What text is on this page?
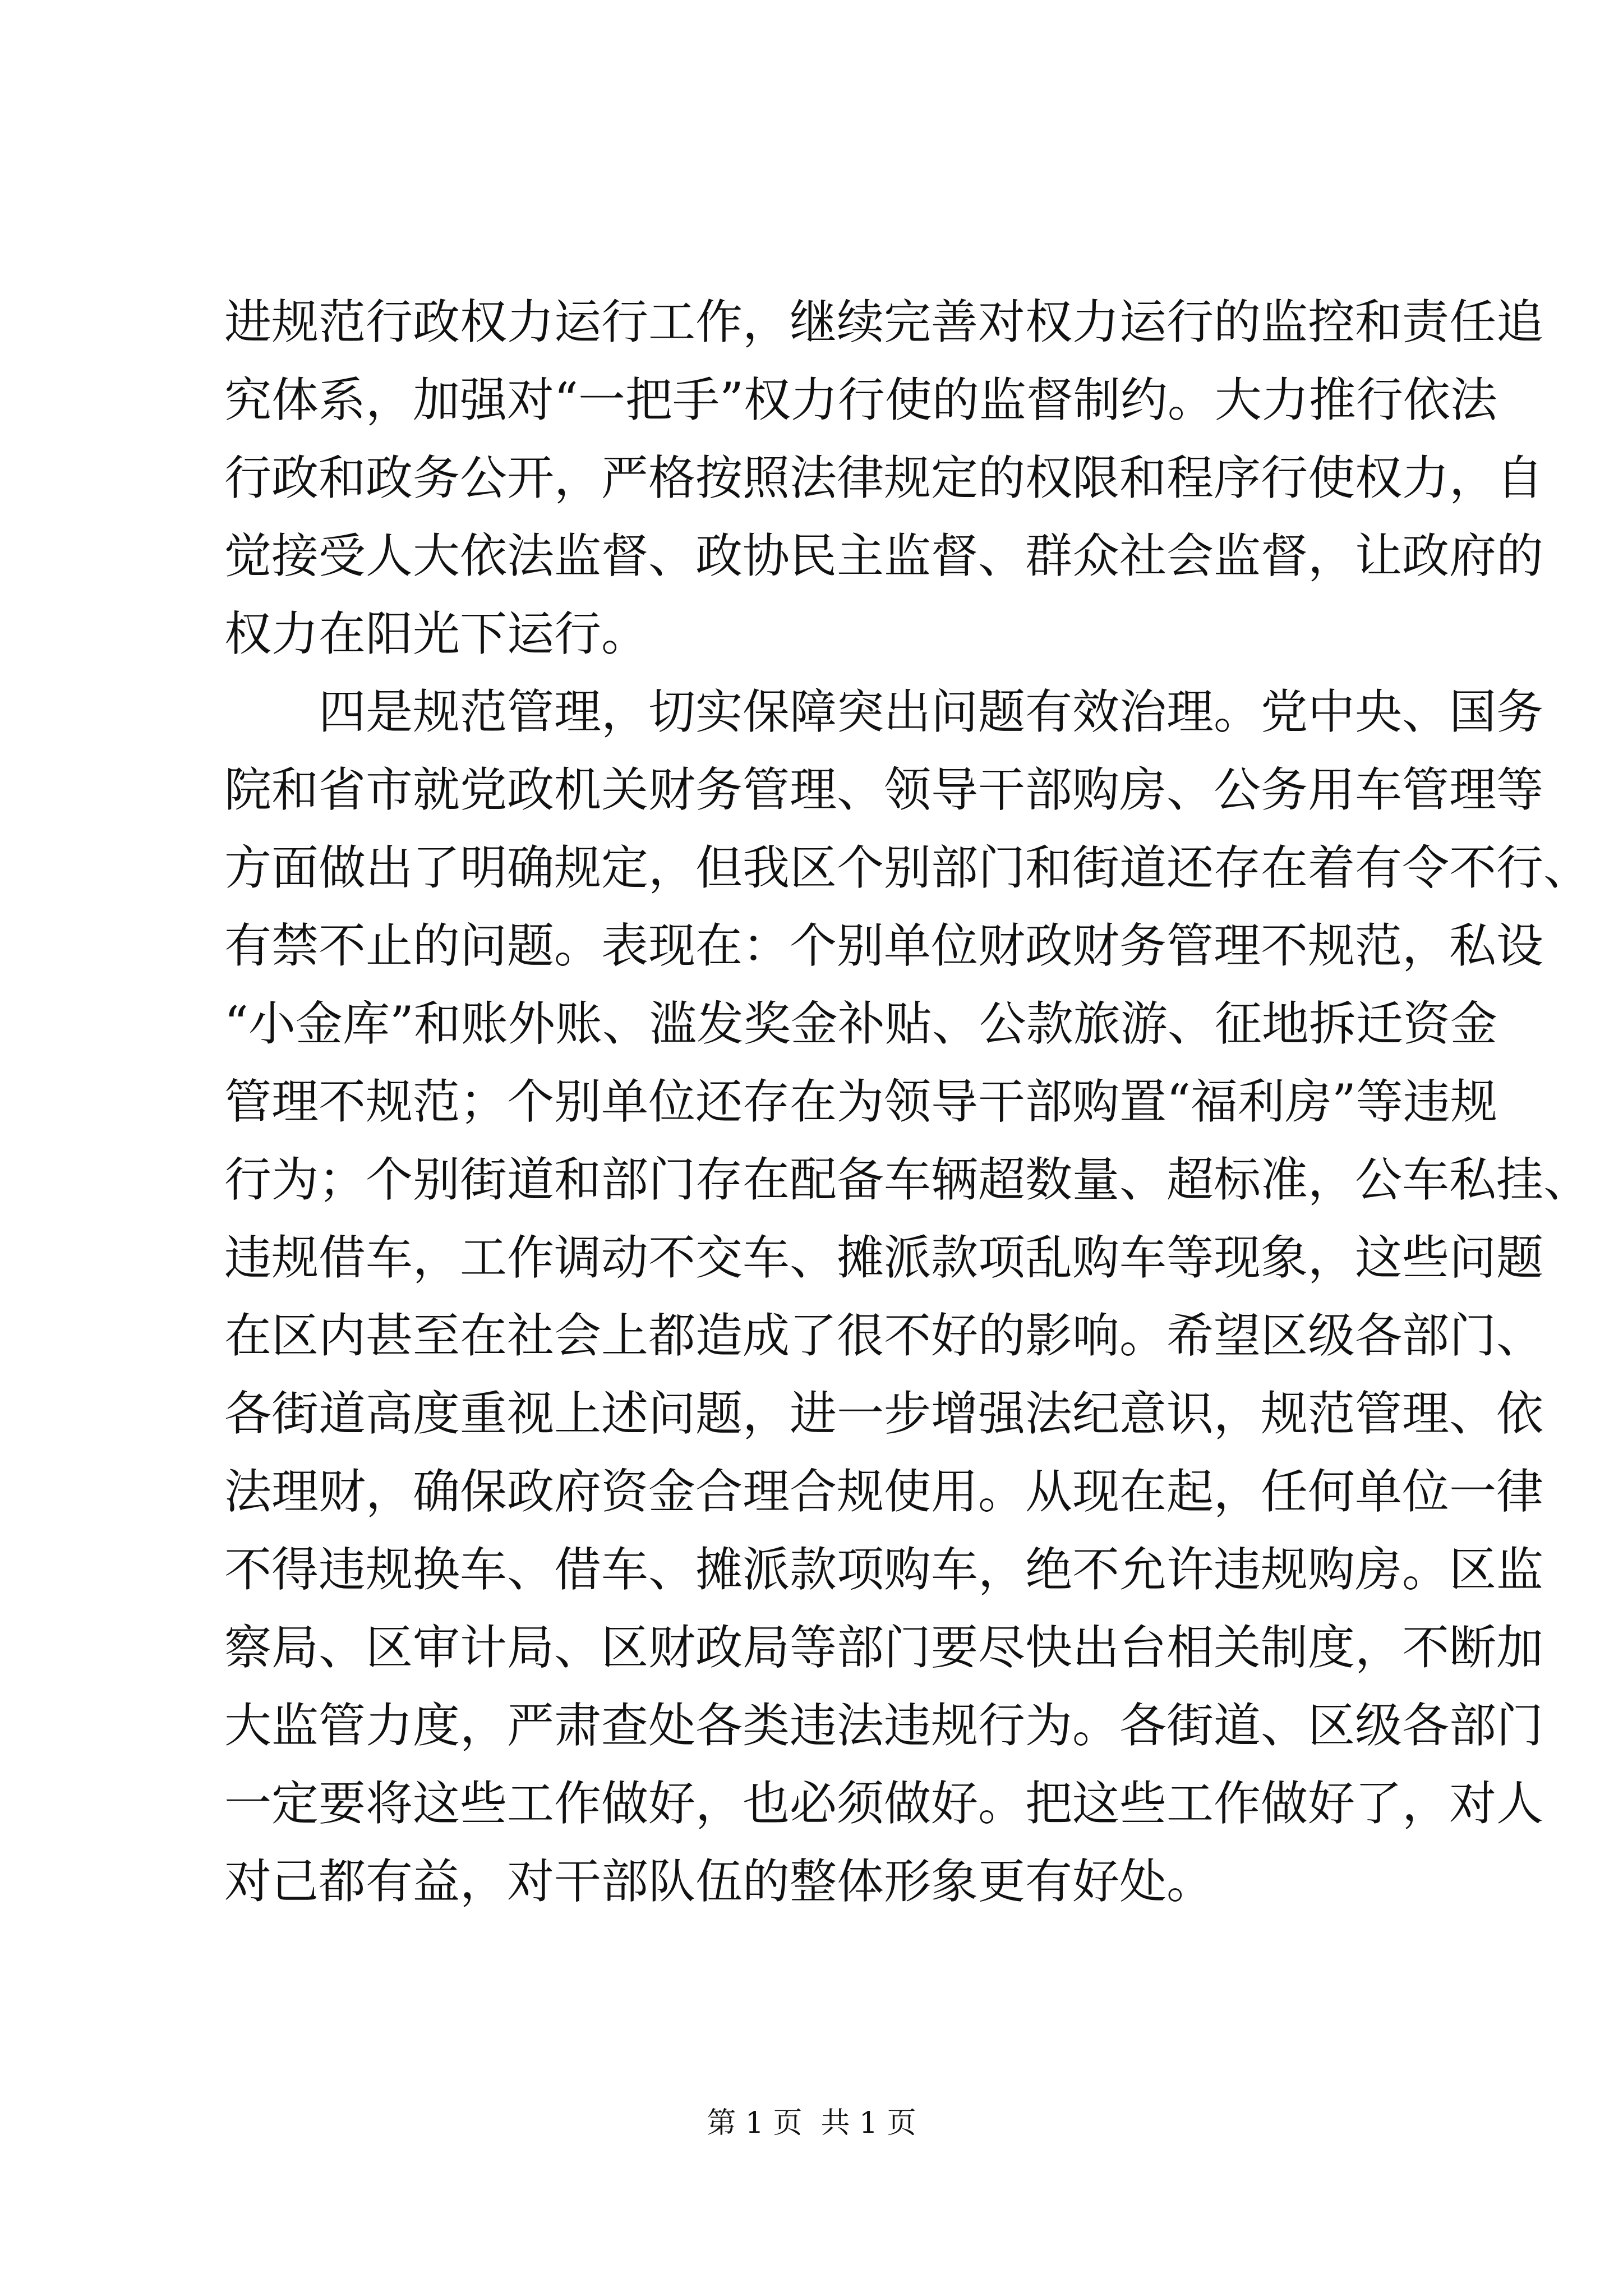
进规范行政权力运行工作，继续完善对权力运行的监控和责任追
究体系，加强对“一把手”权力行使的监督制约。大力推行依法
行政和政务公开，严格按照法律规定的权限和程序行使权力，自
觉接受人大依法监督、政协民主监督、群众社会监督，让政府的
权力在阳光下运行。
四是规范管理，切实保障突出问题有效治理。党中央、国务
院和省市就党政机关财务管理、领导干部购房、公务用车管理等
方面做出了明确规定，但我区个别部门和街道还存在着有令不行、
有禁不止的问题。表现在：个别单位财政财务管理不规范，私设
“小金库”和账外账、滥发奖金补贴、公款旅游、征地拆迁资金
管理不规范；个别单位还存在为领导干部购置“福利房”等违规
行为；个别街道和部门存在配备车辆超数量、超标准，公车私挂、
违规借车，工作调动不交车、摊派款项乱购车等现象，这些问题
在区内甚至在社会上都造成了很不好的影响。希望区级各部门、
各街道高度重视上述问题，进一步增强法纪意识，规范管理、依
法理财，确保政府资金合理合规使用。从现在起，任何单位一律
不得违规换车、借车、摊派款项购车，绝不允许违规购房。区监
察局、区审计局、区财政局等部门要尽快出台相关制度，不断加
大监管力度，严肃查处各类违法违规行为。各街道、区级各部门
一定要将这些工作做好，也必须做好。把这些工作做好了，对人
对己都有益，对干部队伍的整体形象更有好处。
第 1 页  共 1 页
